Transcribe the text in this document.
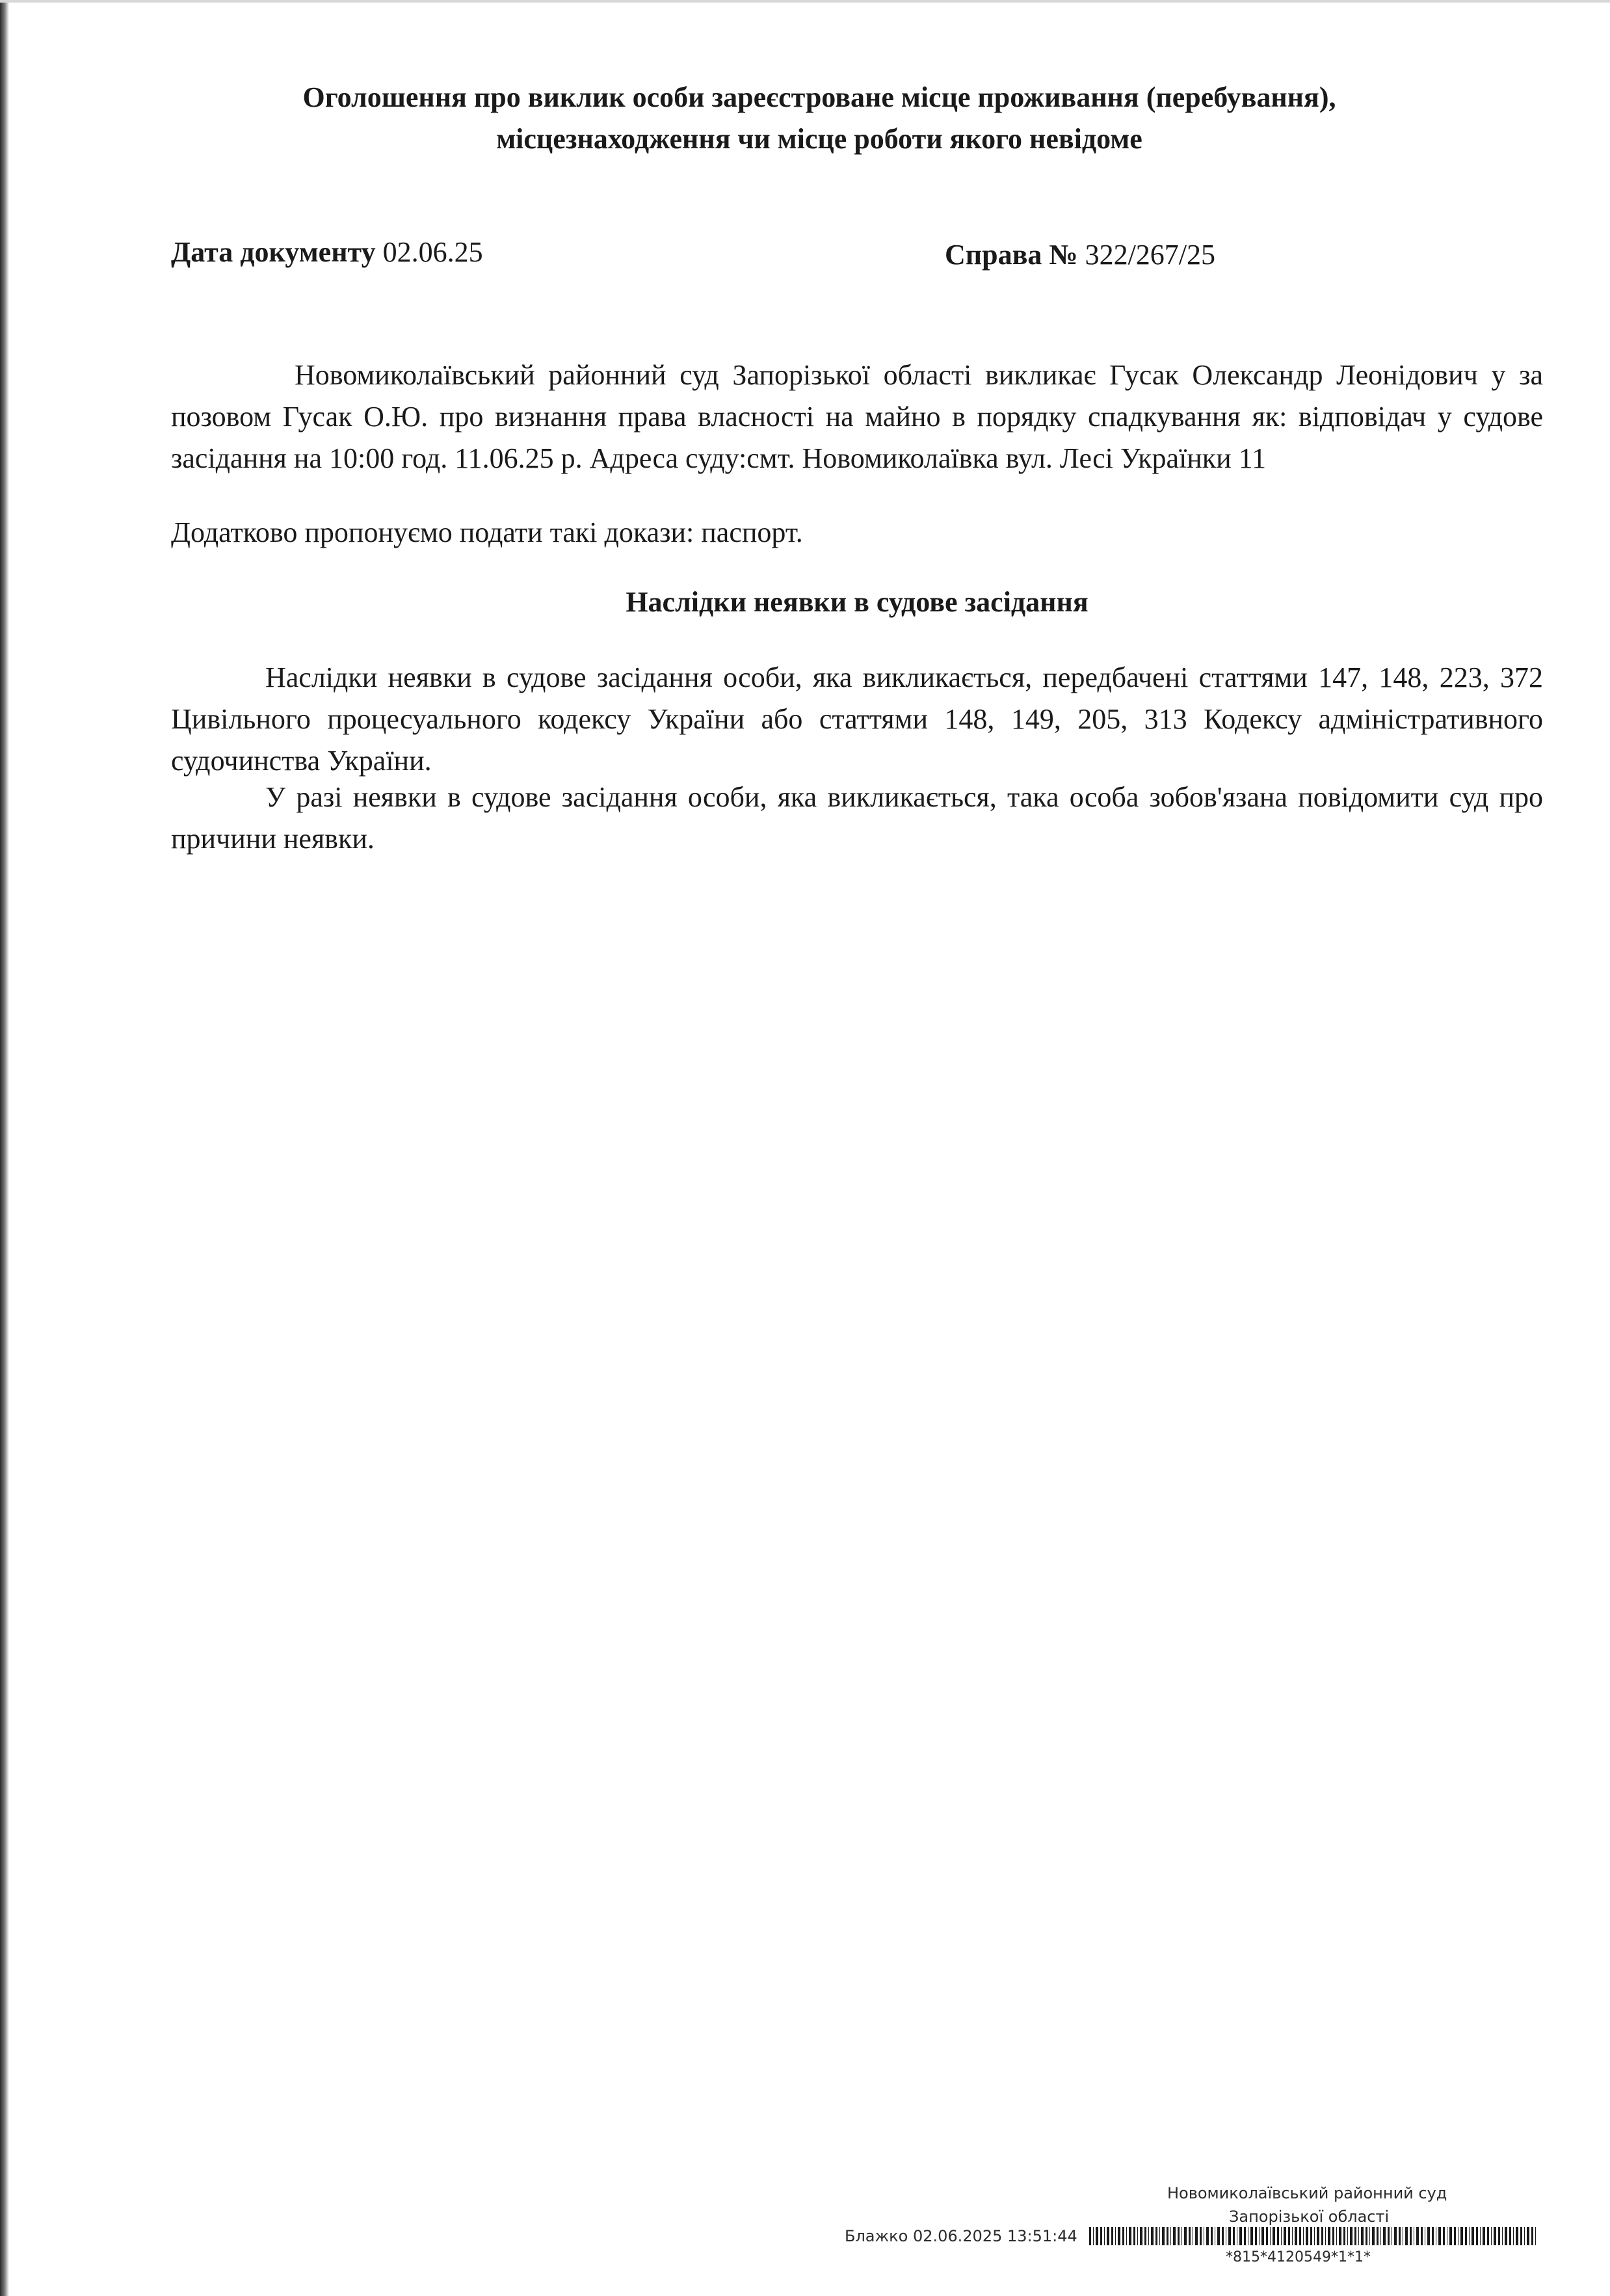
Оголошення про виклик особи зареєстроване місце проживання (перебування),
місцезнаходження чи місце роботи якого невідоме
Дата документу 02.06.25	Справа № 322/267/25
Новомиколаївський районний суд Запорізької області викликає Гусак Олександр Леонідович у за позовом Гусак О.Ю. про визнання права власності на майно в порядку спадкування як: відповідач у судове засідання на 10:00 год. 11.06.25 р. Адреса суду:смт. Новомиколаївка вул. Лесі Українки 11
Додатково пропонуємо подати такі докази: паспорт.
Наслідки неявки в судове засідання
Наслідки неявки в судове засідання особи, яка викликається, передбачені статтями 147, 148, 223, 372 Цивільного процесуального кодексу України або статтями 148, 149, 205, 313 Кодексу адміністративного судочинства України.
У разі неявки в судове засідання особи, яка викликається, така особа зобов'язана повідомити суд про причини неявки.
Новомиколаївський районний суд
Запорізької області
Блажко 02.06.2025 13:51:44
*815*4120549*1*1*
